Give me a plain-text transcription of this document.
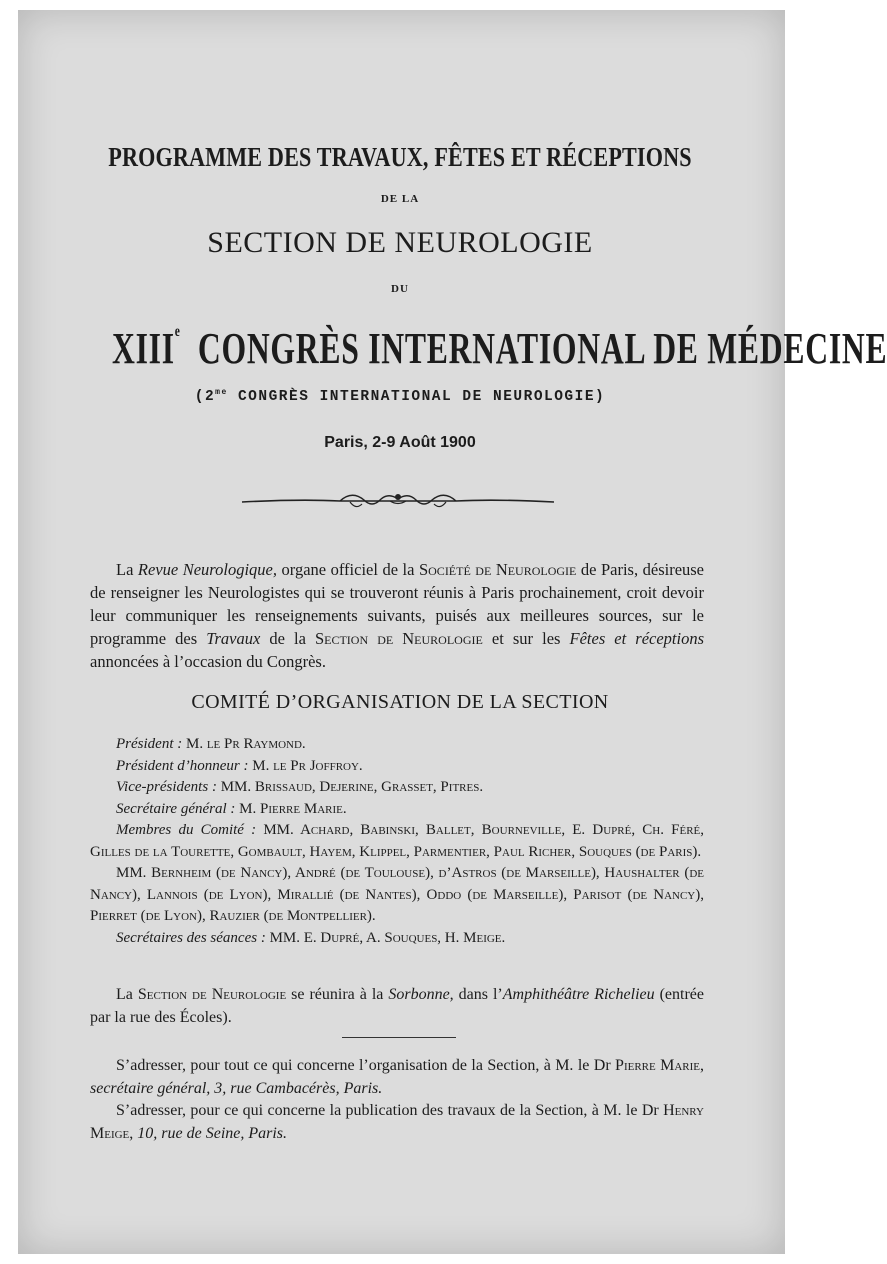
PROGRAMME DES TRAVAUX, FÊTES ET RÉCEPTIONS
DE LA
SECTION DE NEUROLOGIE
DU
XIIIe CONGRÈS INTERNATIONAL DE MÉDECINE
($2^{me}$ CONGRÈS INTERNATIONAL DE NEUROLOGIE)
Paris, 2-9 Août 1900
La Revue Neurologique, organe officiel de la Société de Neurologie de Paris, désireuse de renseigner les Neurologistes qui se trouveront réunis à Paris prochainement, croit devoir leur communiquer les renseignements suivants, puisés aux meilleures sources, sur le programme des Travaux de la Section de Neurologie et sur les Fêtes et réceptions annoncées à l’occasion du Congrès.
COMITÉ D’ORGANISATION DE LA SECTION

Président : M. le Pr Raymond.

Président d’honneur : M. le Pr Joffroy.

Vice-présidents : MM. Brissaud, Dejerine, Grasset, Pitres.

Secrétaire général : M. Pierre Marie.

Membres du Comité : MM. Achard, Babinski, Ballet, Bourneville, E. Dupré, Ch. Féré, Gilles de la Tourette, Gombault, Hayem, Klippel, Parmentier, Paul Richer, Souques (de Paris).

MM. Bernheim (de Nancy), André (de Toulouse), d’Astros (de Marseille), Haushalter (de Nancy), Lannois (de Lyon), Mirallié (de Nantes), Oddo (de Marseille), Parisot (de Nancy), Pierret (de Lyon), Rauzier (de Montpellier).

Secrétaires des séances : MM. E. Dupré, A. Souques, H. Meige.

La Section de Neurologie se réunira à la Sorbonne, dans l’Amphithéâtre Richelieu (entrée par la rue des Écoles).

S’adresser, pour tout ce qui concerne l’organisation de la Section, à M. le Dr Pierre Marie, secrétaire général, 3, rue Cambacérès, Paris.

S’adresser, pour ce qui concerne la publication des travaux de la Section, à M. le Dr Henry Meige, 10, rue de Seine, Paris.
